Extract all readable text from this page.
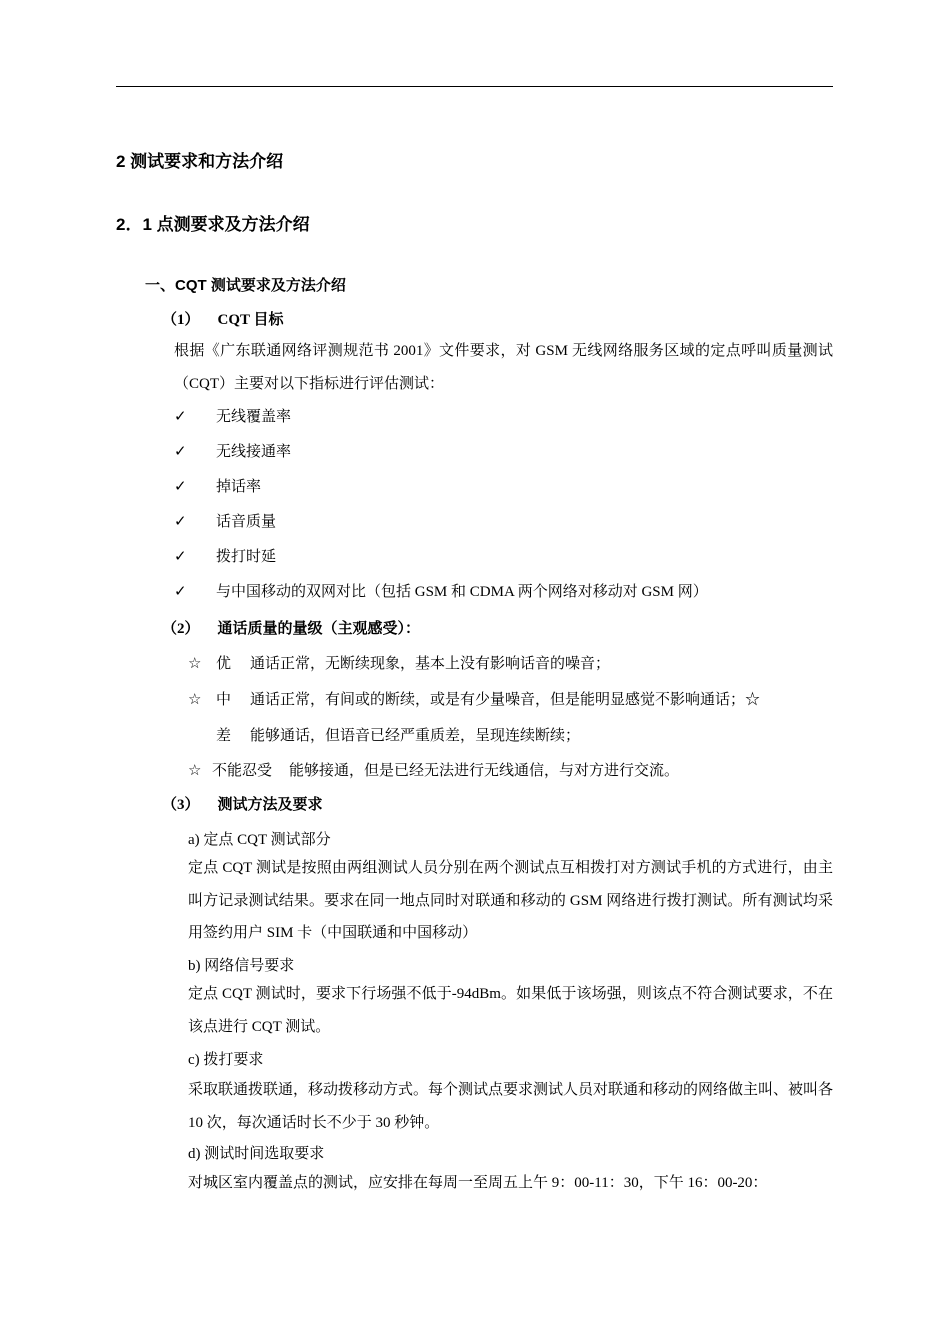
2 测试要求和方法介绍
2．1 点测要求及方法介绍
一、CQT 测试要求及方法介绍
（1） CQT 目标
根据《广东联通网络评测规范书 2001》文件要求，对 GSM 无线网络服务区域的定点呼叫质量测试（CQT）主要对以下指标进行评估测试：
✓ 无线覆盖率
✓ 无线接通率
✓ 掉话率
✓ 话音质量
✓ 拨打时延
✓ 与中国移动的双网对比（包括 GSM 和 CDMA 两个网络对移动对 GSM 网）
（2） 通话质量的量级（主观感受）：
☆ 优 通话正常，无断续现象，基本上没有影响话音的噪音；
☆ 中 通话正常，有间或的断续，或是有少量噪音，但是能明显感觉不影响通话；☆
差 能够通话，但语音已经严重质差，呈现连续断续；
☆ 不能忍受 能够接通，但是已经无法进行无线通信，与对方进行交流。
（3） 测试方法及要求
a) 定点 CQT 测试部分
定点 CQT 测试是按照由两组测试人员分别在两个测试点互相拨打对方测试手机的方式进行，由主叫方记录测试结果。要求在同一地点同时对联通和移动的 GSM 网络进行拨打测试。所有测试均采用签约用户 SIM 卡（中国联通和中国移动）
b) 网络信号要求
定点 CQT 测试时，要求下行场强不低于-94dBm。如果低于该场强，则该点不符合测试要求，不在该点进行 CQT 测试。
c) 拨打要求
采取联通拨联通，移动拨移动方式。每个测试点要求测试人员对联通和移动的网络做主叫、被叫各 10 次，每次通话时长不少于 30 秒钟。
d) 测试时间选取要求
对城区室内覆盖点的测试，应安排在每周一至周五上午 9：00-11：30，下午 16：00-20：
